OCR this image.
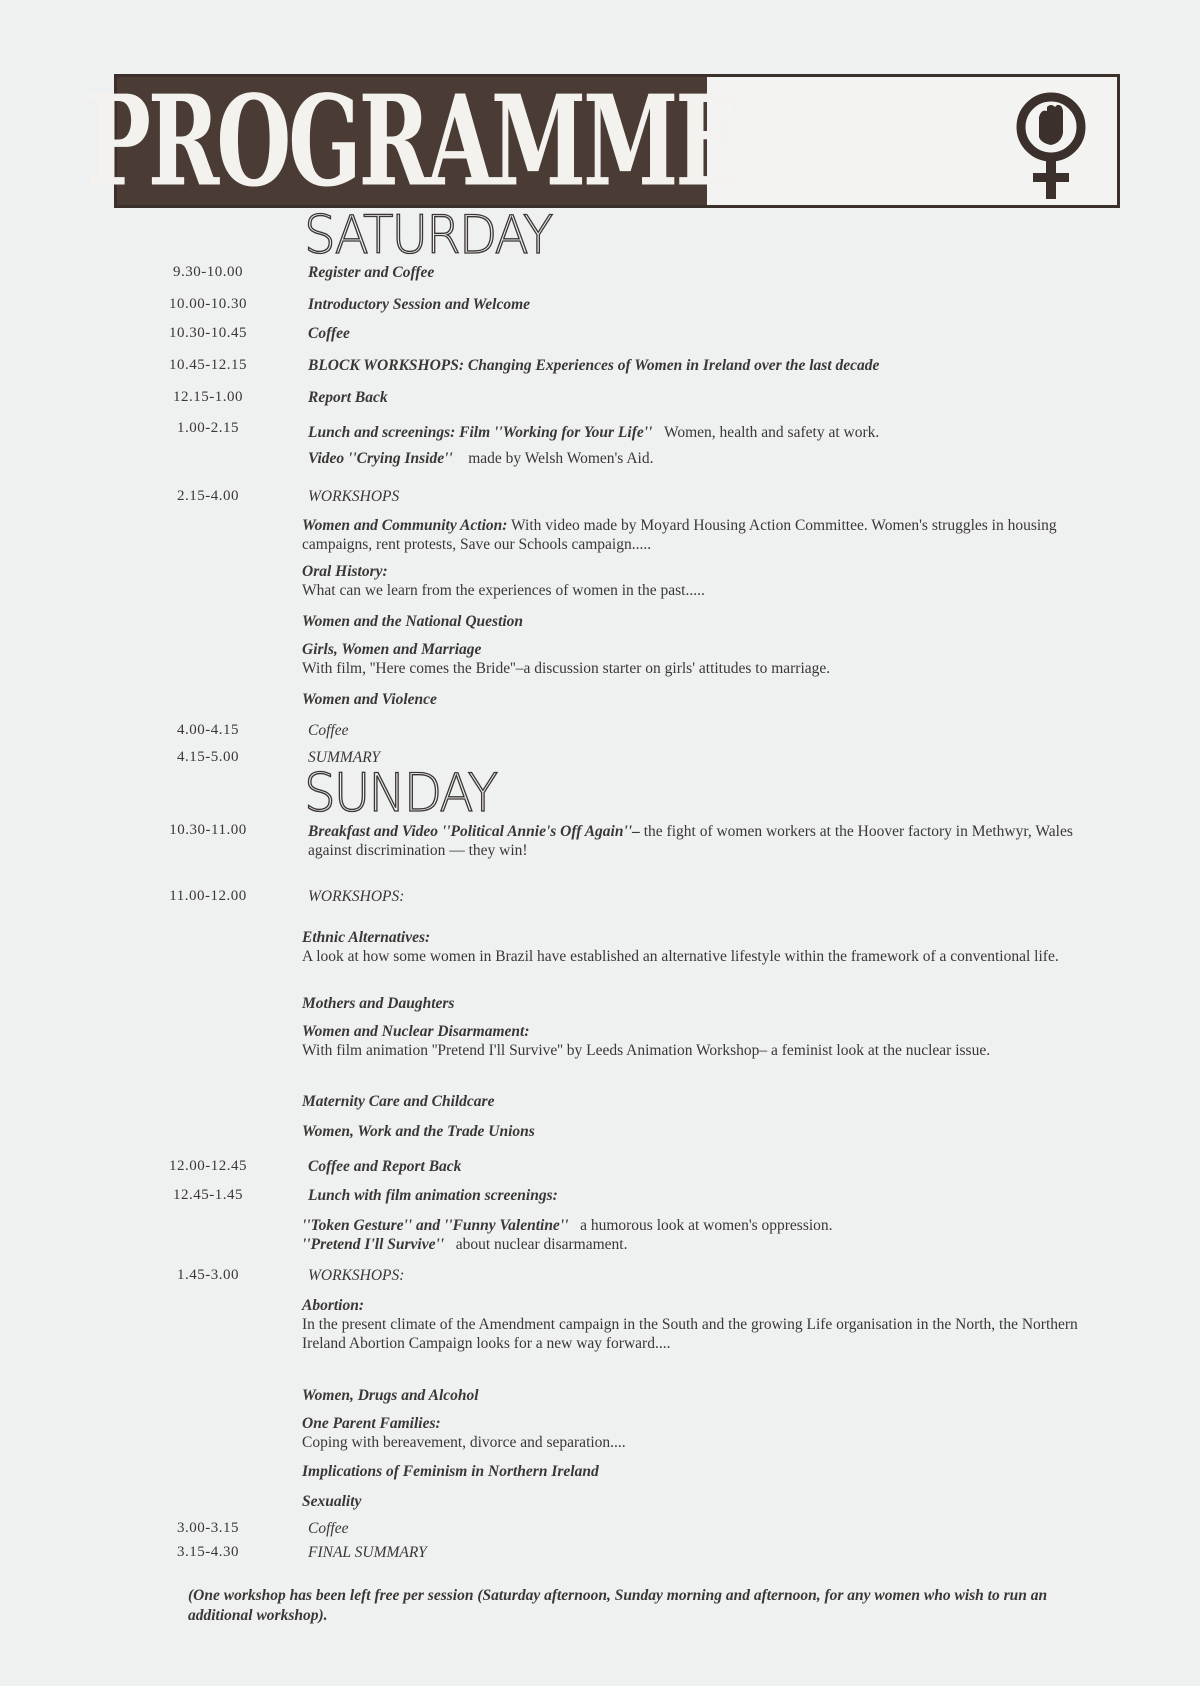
PROGRAMME
SATURDAY
9.30-10.00	Register and Coffee
10.00-10.30	Introductory Session and Welcome
10.30-10.45	Coffee
10.45-12.15	BLOCK WORKSHOPS: Changing Experiences of Women in Ireland over the last decade
12.15-1.00	Report Back
1.00-2.15	Lunch and screenings: Film ''Working for Your Life'' Women, health and safety at work.
Video ''Crying Inside'' made by Welsh Women's Aid.
2.15-4.00	WORKSHOPS
Women and Community Action: With video made by Moyard Housing Action Committee. Women's struggles in housing campaigns, rent protests, Save our Schools campaign.....
Oral History:
What can we learn from the experiences of women in the past.....
Women and the National Question
Girls, Women and Marriage
With film, ''Here comes the Bride''–a discussion starter on girls' attitudes to marriage.
Women and Violence
4.00-4.15	Coffee
4.15-5.00	SUMMARY
SUNDAY
10.30-11.00	Breakfast and Video ''Political Annie's Off Again''– the fight of women workers at the Hoover factory in Methwyr, Wales against discrimination — they win!
11.00-12.00	WORKSHOPS:
Ethnic Alternatives:
A look at how some women in Brazil have established an alternative lifestyle within the framework of a conventional life.
Mothers and Daughters
Women and Nuclear Disarmament:
With film animation ''Pretend I'll Survive'' by Leeds Animation Workshop– a feminist look at the nuclear issue.
Maternity Care and Childcare
Women, Work and the Trade Unions
12.00-12.45	Coffee and Report Back
12.45-1.45	Lunch with film animation screenings:
''Token Gesture'' and ''Funny Valentine'' a humorous look at women's oppression.
''Pretend I'll Survive'' about nuclear disarmament.
1.45-3.00	WORKSHOPS:
Abortion:
In the present climate of the Amendment campaign in the South and the growing Life organisation in the North, the Northern Ireland Abortion Campaign looks for a new way forward....
Women, Drugs and Alcohol
One Parent Families:
Coping with bereavement, divorce and separation....
Implications of Feminism in Northern Ireland
Sexuality
3.00-3.15	Coffee
3.15-4.30	FINAL SUMMARY
(One workshop has been left free per session (Saturday afternoon, Sunday morning and afternoon, for any women who wish to run an additional workshop).
